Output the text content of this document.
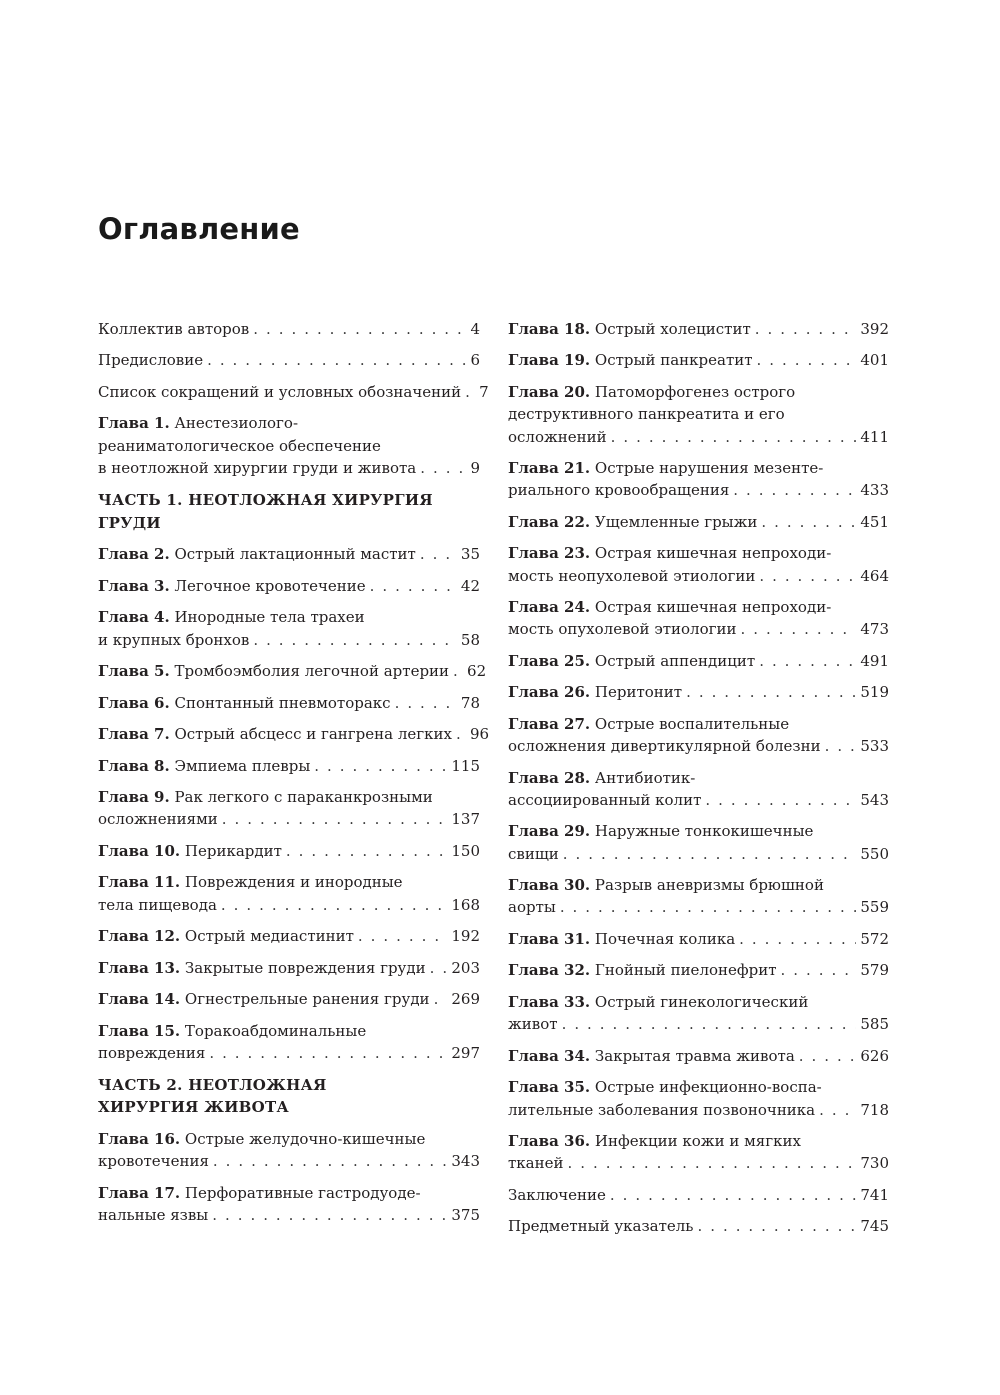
Оглавление
Коллектив авторов . . .	4
Предисловие . . .	6
Список сокращений и условных обозначений . . . 7
Глава 1. Анестезиолого-
реаниматологическое обеспечение
в неотложной хирургии груди и живота . . .	9
ЧАСТЬ 1. НЕОТЛОЖНАЯ ХИРУРГИЯ ГРУДИ
Глава 2. Острый лактационный мастит . . .	35
Глава 3. Легочное кровотечение . . .	42
Глава 4. Инородные тела трахеи
и крупных бронхов . . .	58
Глава 5. Тромбоэмболия легочной артерии . . . 62
Глава 6. Спонтанный пневмоторакс . . .	78
Глава 7. Острый абсцесс и гангрена легких . . . 96
Глава 8. Эмпиема плевры . . .	115
Глава 9. Рак легкого с параканкрозными
осложнениями . . .	137
Глава 10. Перикардит . . .	150
Глава 11. Повреждения и инородные
тела пищевода . . .	168
Глава 12. Острый медиастинит . . .	192
Глава 13. Закрытые повреждения груди . . . 203
Глава 14. Огнестрельные ранения груди . . . 269
Глава 15. Торакоабдоминальные
повреждения . . .	297
ЧАСТЬ 2. НЕОТЛОЖНАЯ
ХИРУРГИЯ ЖИВОТА
Глава 16. Острые желудочно-кишечные
кровотечения . . .	343
Глава 17. Перфоративные гастродуоде-
нальные язвы . . .	375
Глава 18. Острый холецистит . . .	392
Глава 19. Острый панкреатит . . .	401
Глава 20. Патоморфогенез острого
деструктивного панкреатита и его
осложнений . . .	411
Глава 21. Острые нарушения мезенте-
риального кровообращения . . .	433
Глава 22. Ущемленные грыжи . . .	451
Глава 23. Острая кишечная непроходи-
мость неопухолевой этиологии . . .	464
Глава 24. Острая кишечная непроходи-
мость опухолевой этиологии . . .	473
Глава 25. Острый аппендицит . . .	491
Глава 26. Перитонит . . .	519
Глава 27. Острые воспалительные
осложнения дивертикулярной болезни . . .	533
Глава 28. Антибиотик-
ассоциированный колит . . .	543
Глава 29. Наружные тонкокишечные
свищи . . .	550
Глава 30. Разрыв аневризмы брюшной
аорты . . .	559
Глава 31. Почечная колика . . .	572
Глава 32. Гнойный пиелонефрит . . .	579
Глава 33. Острый гинекологический
живот . . .	585
Глава 34. Закрытая травма живота . . .	626
Глава 35. Острые инфекционно-воспа-
лительные заболевания позвоночника . . .	718
Глава 36. Инфекции кожи и мягких
тканей . . .	730
Заключение . . .	741
Предметный указатель . . .	745
